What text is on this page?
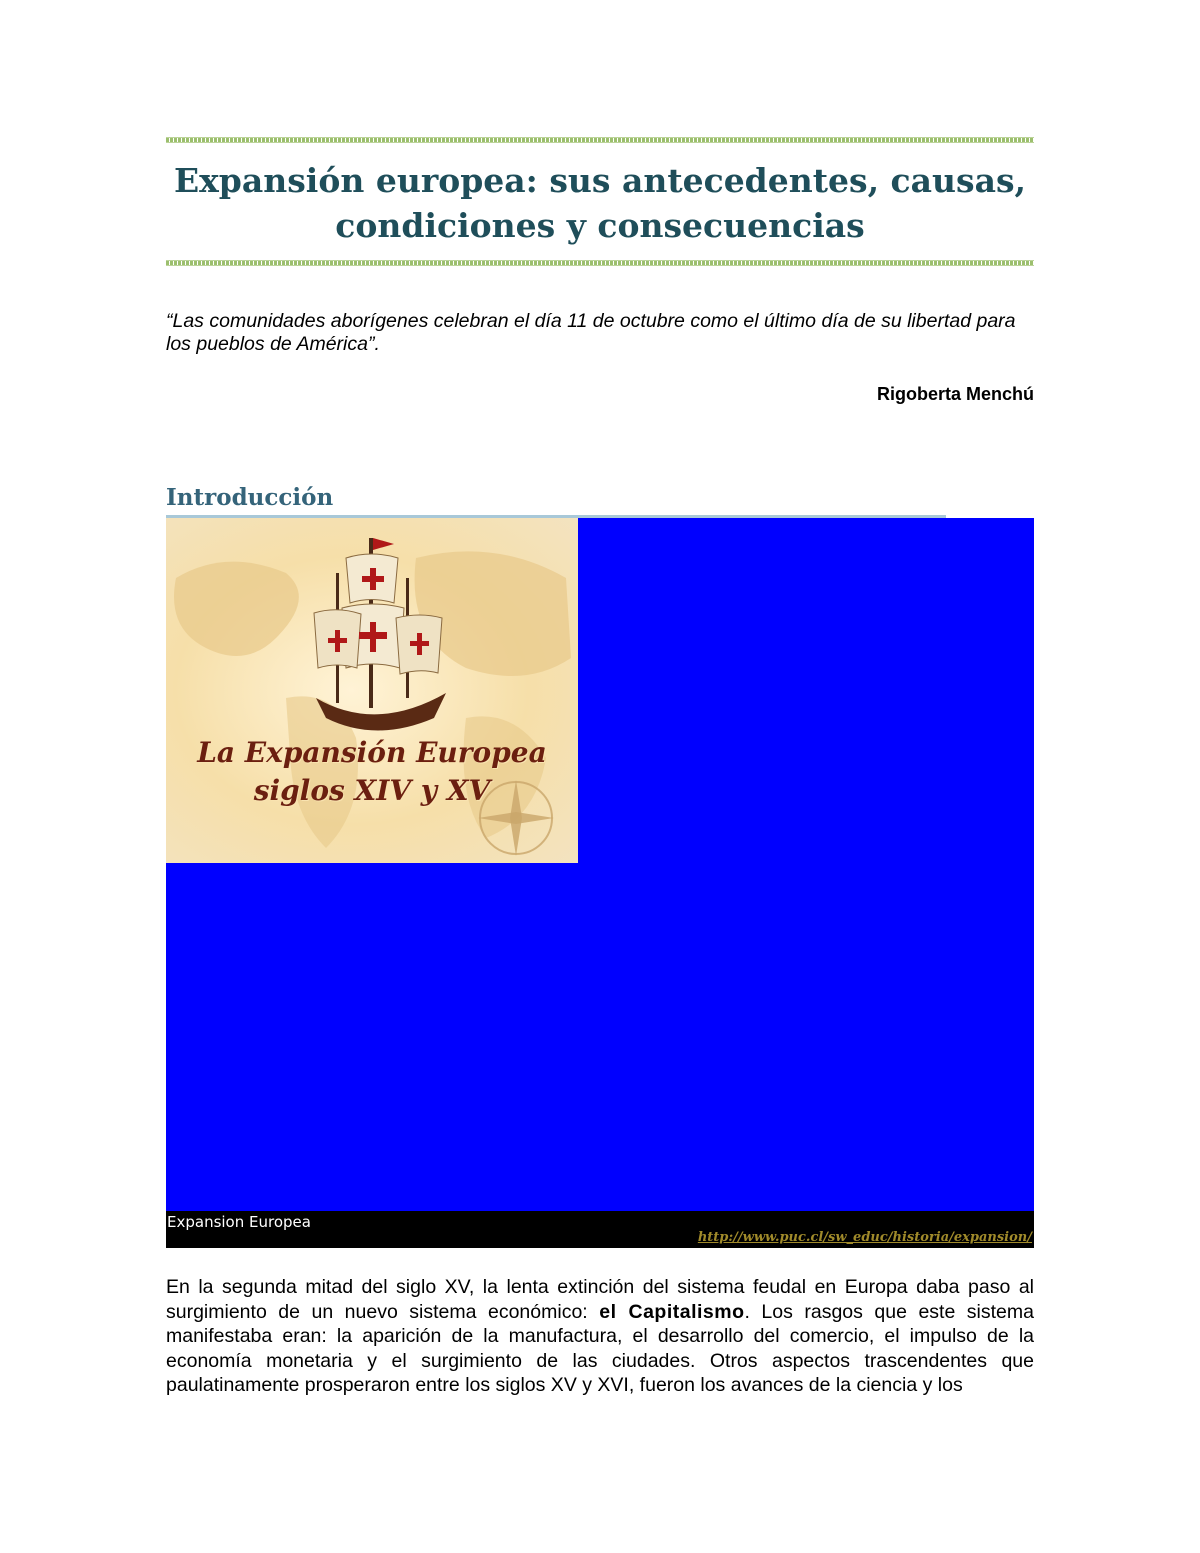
Expansión europea: sus antecedentes, causas, condiciones y consecuencias
“Las comunidades aborígenes celebran el día 11 de octubre como el último día de su libertad para los pueblos de América”.
Rigoberta Menchú
Introducción
La Expansión Europea
siglos XIV y XV
Expansion Europea
http://www.puc.cl/sw_educ/historia/expansion/
En la segunda mitad del siglo XV, la lenta extinción del sistema feudal en Europa daba paso al surgimiento de un nuevo sistema económico: el Capitalismo. Los rasgos que este sistema manifestaba eran: la aparición de la manufactura, el desarrollo del comercio, el impulso de la economía monetaria y el surgimiento de las ciudades. Otros aspectos trascendentes que paulatinamente prosperaron entre los siglos XV y XVI, fueron los avances de la ciencia y los
